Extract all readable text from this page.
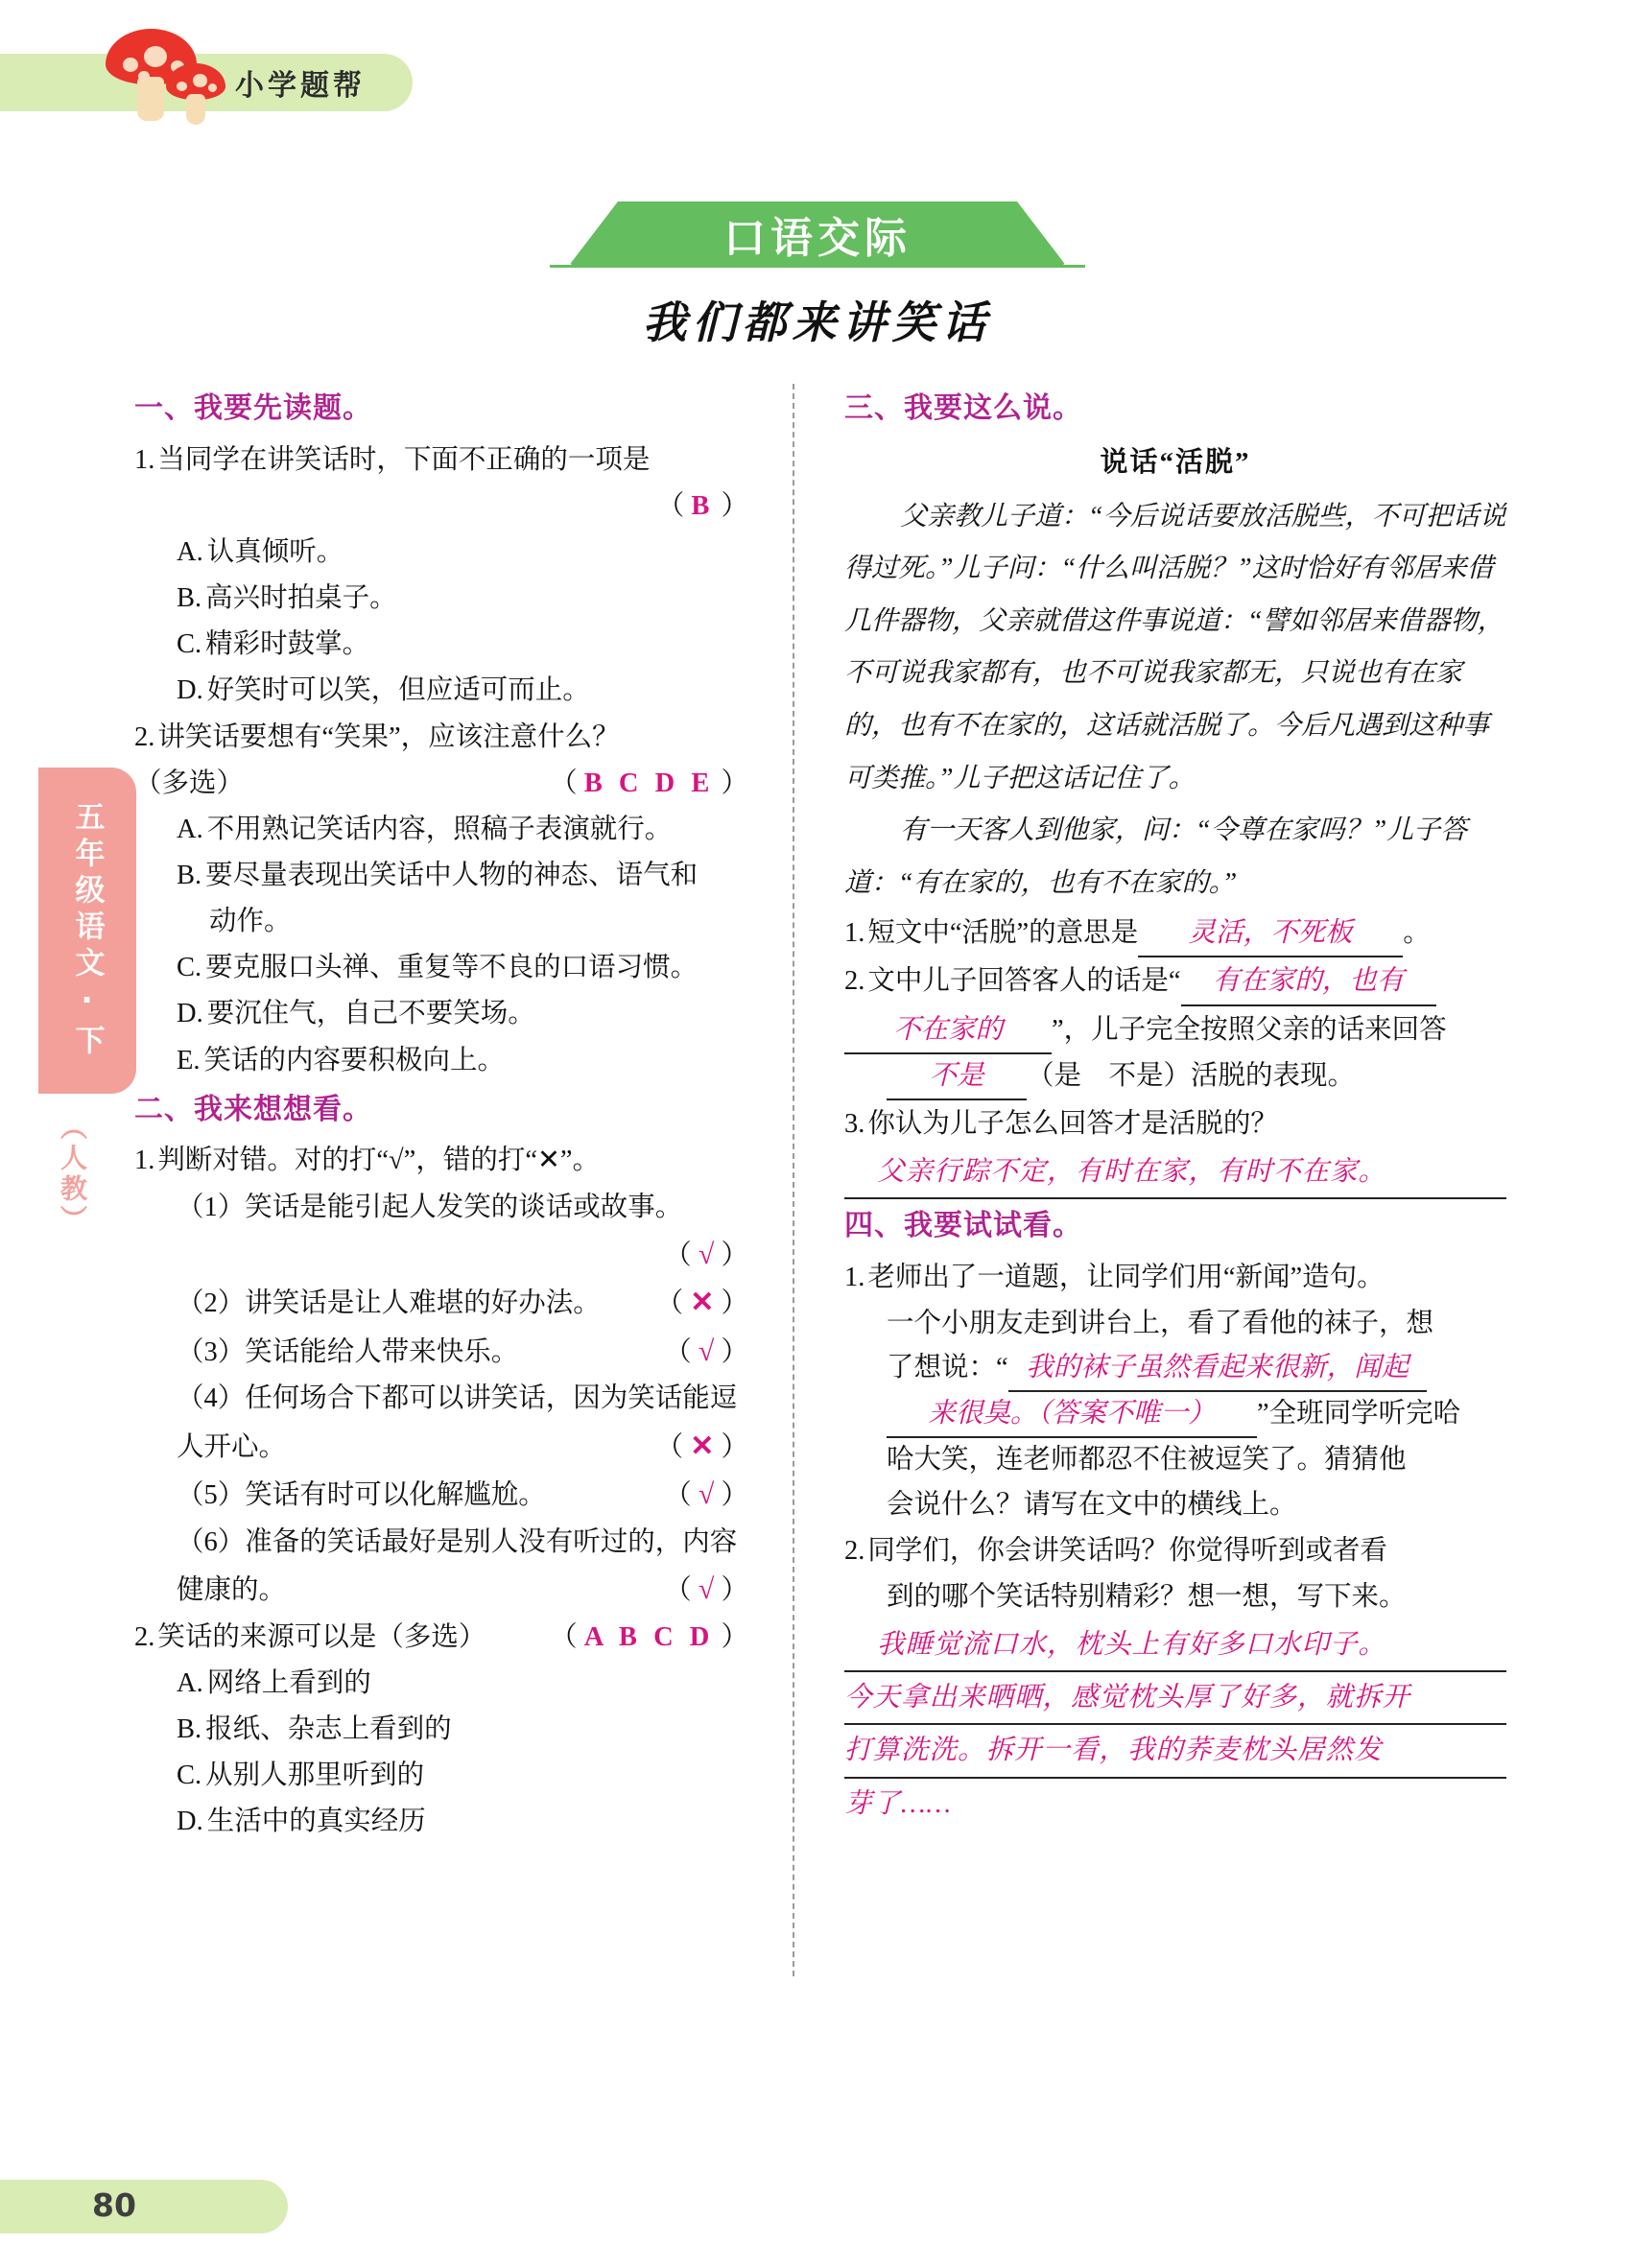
小学题帮
五年级语文·下
（人教）
口语交际
我们都来讲笑话
一、我要先读题。
1. 当同学在讲笑话时，下面不正确的一项是
（ B ）
A. 认真倾听。
B. 高兴时拍桌子。
C. 精彩时鼓掌。
D. 好笑时可以笑，但应适可而止。
2. 讲笑话要想有“笑果”，应该注意什么？
（多选）	（ B C D E ）
A. 不用熟记笑话内容，照稿子表演就行。
B. 要尽量表现出笑话中人物的神态、语气和
动作。
C. 要克服口头禅、重复等不良的口语习惯。
D. 要沉住气，自己不要笑场。
E. 笑话的内容要积极向上。
二、我来想想看。
1. 判断对错。对的打“√”，错的打“✕”。
（1）笑话是能引起人发笑的谈话或故事。
（ √ ）
（2）讲笑话是让人难堪的好办法。 （ ✕ ）
（3）笑话能给人带来快乐。	（ √ ）
（4）任何场合下都可以讲笑话，因为笑话能逗
人开心。	（ ✕ ）
（5）笑话有时可以化解尴尬。	（ √ ）
（6）准备的笑话最好是别人没有听过的，内容
健康的。	（ √ ）
2. 笑话的来源可以是（多选） （ A B C D ）
A. 网络上看到的
B. 报纸、杂志上看到的
C. 从别人那里听到的
D. 生活中的真实经历
三、我要这么说。
说话“活脱”
父亲教儿子道：“今后说话要放活脱些，不可把话说得过死。”儿子问：“什么叫活脱？”这时恰好有邻居来借几件器物，父亲就借这件事说道：“譬如邻居来借器物，不可说我家都有，也不可说我家都无，只说也有在家的，也有不在家的，这话就活脱了。今后凡遇到这种事可类推。”儿子把这话记住了。
有一天客人到他家，问：“令尊在家吗？”儿子答道：“有在家的，也有不在家的。”
1. 短文中“活脱”的意思是 灵活，不死板 。
2. 文中儿子回答客人的话是“ 有在家的，也有
不在家的 ”，儿子完全按照父亲的话来回答
不是 （是　不是）活脱的表现。
3. 你认为儿子怎么回答才是活脱的？
父亲行踪不定，有时在家，有时不在家。
四、我要试试看。
1. 老师出了一道题，让同学们用“新闻”造句。
一个小朋友走到讲台上，看了看他的袜子，想
了想说：“ 我的袜子虽然看起来很新，闻起
来很臭。（答案不唯一） ”全班同学听完哈
哈大笑，连老师都忍不住被逗笑了。猜猜他
会说什么？请写在文中的横线上。
2. 同学们，你会讲笑话吗？你觉得听到或者看
到的哪个笑话特别精彩？想一想，写下来。
我睡觉流口水，枕头上有好多口水印子。
今天拿出来晒晒，感觉枕头厚了好多，就拆开
打算洗洗。拆开一看，我的荞麦枕头居然发
芽了……
80
